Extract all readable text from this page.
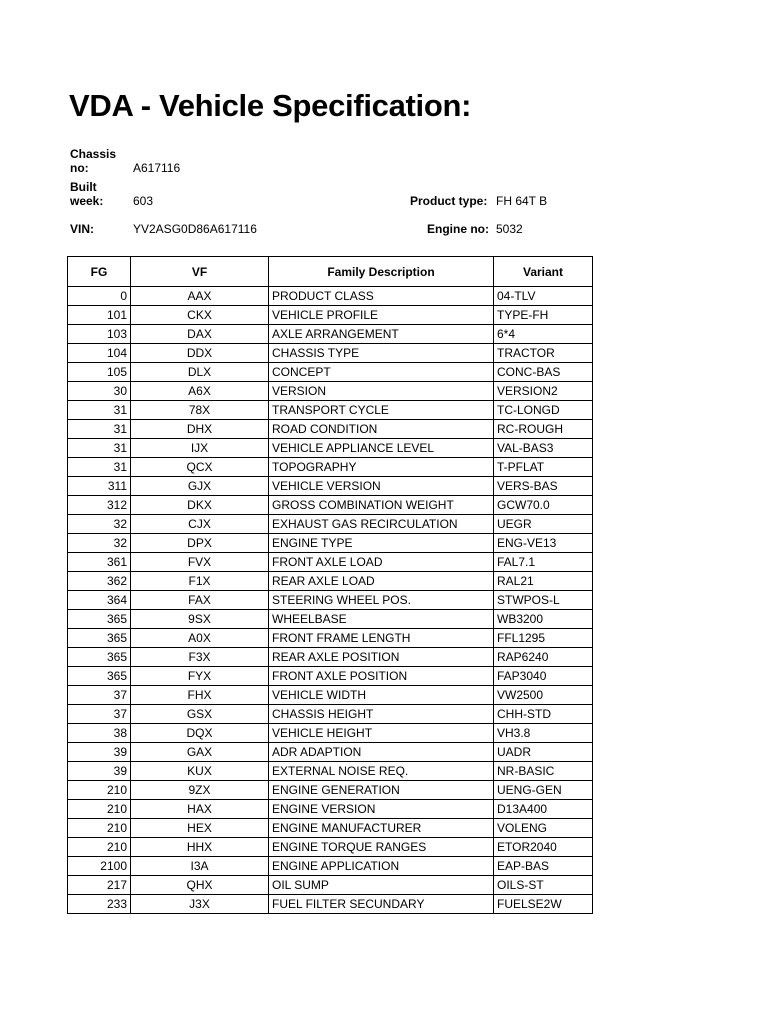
VDA - Vehicle Specification:
Chassis no:	A617116
Built week:	603
VIN:	YV2ASG0D86A617116
Product type: FH 64T B
Engine no: 5032
FG	VF	Family Description	Variant
0	AAX	PRODUCT CLASS	04-TLV
101	CKX	VEHICLE PROFILE	TYPE-FH
103	DAX	AXLE ARRANGEMENT	6*4
104	DDX	CHASSIS TYPE	TRACTOR
105	DLX	CONCEPT	CONC-BAS
30	A6X	VERSION	VERSION2
31	78X	TRANSPORT CYCLE	TC-LONGD
31	DHX	ROAD CONDITION	RC-ROUGH
31	IJX	VEHICLE APPLIANCE LEVEL	VAL-BAS3
31	QCX	TOPOGRAPHY	T-PFLAT
311	GJX	VEHICLE VERSION	VERS-BAS
312	DKX	GROSS COMBINATION WEIGHT	GCW70.0
32	CJX	EXHAUST GAS RECIRCULATION	UEGR
32	DPX	ENGINE TYPE	ENG-VE13
361	FVX	FRONT AXLE LOAD	FAL7.1
362	F1X	REAR AXLE LOAD	RAL21
364	FAX	STEERING WHEEL POS.	STWPOS-L
365	9SX	WHEELBASE	WB3200
365	A0X	FRONT FRAME LENGTH	FFL1295
365	F3X	REAR AXLE POSITION	RAP6240
365	FYX	FRONT AXLE POSITION	FAP3040
37	FHX	VEHICLE WIDTH	VW2500
37	GSX	CHASSIS HEIGHT	CHH-STD
38	DQX	VEHICLE HEIGHT	VH3.8
39	GAX	ADR ADAPTION	UADR
39	KUX	EXTERNAL NOISE REQ.	NR-BASIC
210	9ZX	ENGINE GENERATION	UENG-GEN
210	HAX	ENGINE VERSION	D13A400
210	HEX	ENGINE MANUFACTURER	VOLENG
210	HHX	ENGINE TORQUE RANGES	ETOR2040
2100	I3A	ENGINE APPLICATION	EAP-BAS
217	QHX	OIL SUMP	OILS-ST
233	J3X	FUEL FILTER SECUNDARY	FUELSE2W
